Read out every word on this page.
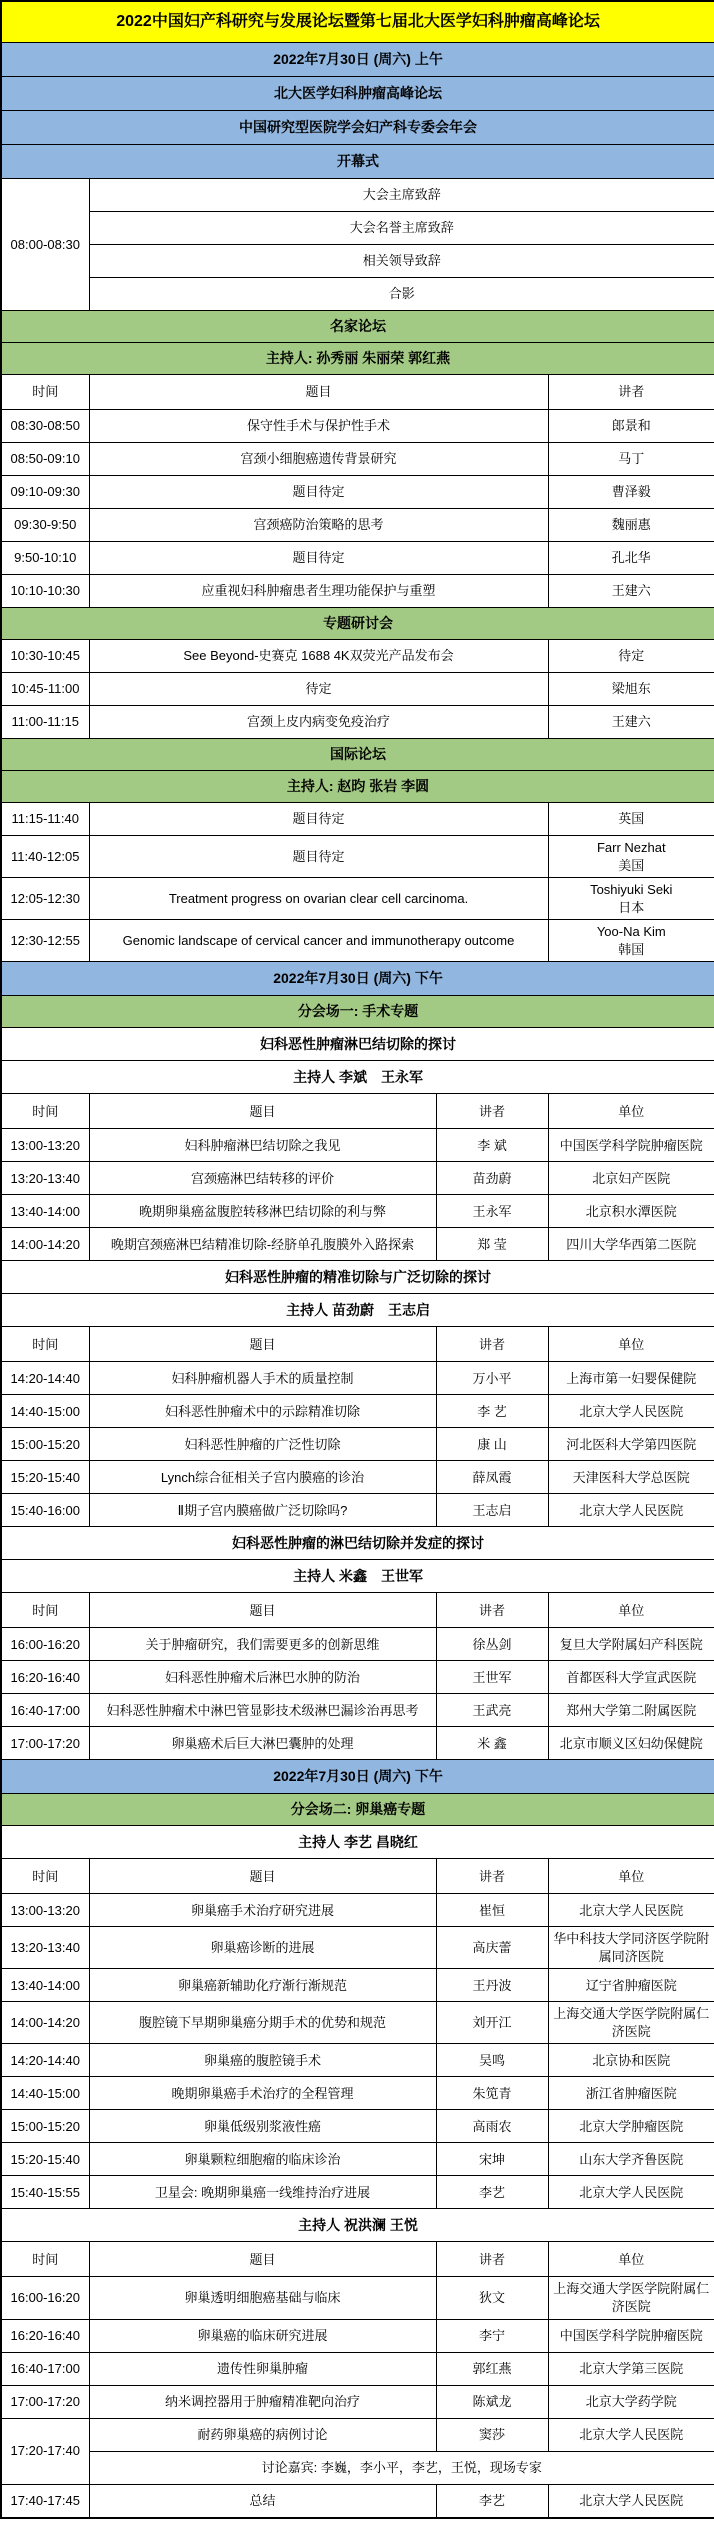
2022中国妇产科研究与发展论坛暨第七届北大医学妇科肿瘤高峰论坛			
2022年7月30日 (周六) 上午			
北大医学妇科肿瘤高峰论坛			
中国研究型医院学会妇产科专委会年会			
开幕式			
08:00-08:30	大会主席致辞		
	大会名誉主席致辞		
	相关领导致辞		
	合影		
名家论坛			
主持人: 孙秀丽 朱丽荣 郭红燕			
时间	题目		讲者
08:30-08:50	保守性手术与保护性手术		郎景和
08:50-09:10	宫颈小细胞癌遗传背景研究		马丁
09:10-09:30	题目待定		曹泽毅
09:30-9:50	宫颈癌防治策略的思考		魏丽惠
9:50-10:10	题目待定		孔北华
10:10-10:30	应重视妇科肿瘤患者生理功能保护与重塑		王建六
专题研讨会			
10:30-10:45	See Beyond-史赛克 1688 4K双荧光产品发布会		待定
10:45-11:00	待定		梁旭东
11:00-11:15	宫颈上皮内病变免疫治疗		王建六
国际论坛			
主持人: 赵昀 张岩 李圆			
11:15-11:40	题目待定		英国
11:40-12:05	题目待定		Farr Nezhat
美国

12:05-12:30	Treatment progress on ovarian clear cell carcinoma.		Toshiyuki Seki
日本

12:30-12:55	Genomic landscape of cervical cancer and immunotherapy outcome		Yoo-Na Kim
韩国

2022年7月30日 (周六) 下午			
分会场一: 手术专题			
妇科恶性肿瘤淋巴结切除的探讨			
主持人 李斌　王永军			
时间	题目	讲者	单位
13:00-13:20	妇科肿瘤淋巴结切除之我见	李 斌	中国医学科学院肿瘤医院
13:20-13:40	宫颈癌淋巴结转移的评价	苗劲蔚	北京妇产医院
13:40-14:00	晚期卵巢癌盆腹腔转移淋巴结切除的利与弊	王永军	北京积水潭医院
14:00-14:20	晚期宫颈癌淋巴结精准切除-经脐单孔腹膜外入路探索	郑 莹	四川大学华西第二医院
妇科恶性肿瘤的精准切除与广泛切除的探讨			
主持人 苗劲蔚　王志启			
时间	题目	讲者	单位
14:20-14:40	妇科肿瘤机器人手术的质量控制	万小平	上海市第一妇婴保健院
14:40-15:00	妇科恶性肿瘤术中的示踪精准切除	李 艺	北京大学人民医院
15:00-15:20	妇科恶性肿瘤的广泛性切除	康 山	河北医科大学第四医院
15:20-15:40	Lynch综合征相关子宫内膜癌的诊治	薛凤霞	天津医科大学总医院
15:40-16:00	Ⅱ期子宫内膜癌做广泛切除吗?	王志启	北京大学人民医院
妇科恶性肿瘤的淋巴结切除并发症的探讨			
主持人 米鑫　王世军			
时间	题目	讲者	单位
16:00-16:20	关于肿瘤研究，我们需要更多的创新思维	徐丛剑	复旦大学附属妇产科医院
16:20-16:40	妇科恶性肿瘤术后淋巴水肿的防治	王世军	首都医科大学宣武医院
16:40-17:00	妇科恶性肿瘤术中淋巴管显影技术级淋巴漏诊治再思考	王武亮	郑州大学第二附属医院
17:00-17:20	卵巢癌术后巨大淋巴囊肿的处理	米 鑫	北京市顺义区妇幼保健院
2022年7月30日 (周六) 下午			
分会场二: 卵巢癌专题			
主持人 李艺 昌晓红			
时间	题目	讲者	单位
13:00-13:20	卵巢癌手术治疗研究进展	崔恒	北京大学人民医院
13:20-13:40	卵巢癌诊断的进展	高庆蕾	华中科技大学同济医学院附属同济医院
13:40-14:00	卵巢癌新辅助化疗渐行渐规范	王丹波	辽宁省肿瘤医院
14:00-14:20	腹腔镜下早期卵巢癌分期手术的优势和规范	刘开江	上海交通大学医学院附属仁济医院
14:20-14:40	卵巢癌的腹腔镜手术	吴鸣	北京协和医院
14:40-15:00	晚期卵巢癌手术治疗的全程管理	朱笕青	浙江省肿瘤医院
15:00-15:20	卵巢低级别浆液性癌	高雨农	北京大学肿瘤医院
15:20-15:40	卵巢颗粒细胞瘤的临床诊治	宋坤	山东大学齐鲁医院
15:40-15:55	卫星会: 晚期卵巢癌一线维持治疗进展	李艺	北京大学人民医院
主持人 祝洪澜 王悦			
时间	题目	讲者	单位
16:00-16:20	卵巢透明细胞癌基础与临床	狄文	上海交通大学医学院附属仁济医院
16:20-16:40	卵巢癌的临床研究进展	李宁	中国医学科学院肿瘤医院
16:40-17:00	遗传性卵巢肿瘤	郭红燕	北京大学第三医院
17:00-17:20	纳米调控器用于肿瘤精准靶向治疗	陈斌龙	北京大学药学院
17:20-17:40	耐药卵巢癌的病例讨论	窦莎	北京大学人民医院
	讨论嘉宾: 李巍，李小平，李艺，王悦，现场专家		
17:40-17:45	总结	李艺	北京大学人民医院
